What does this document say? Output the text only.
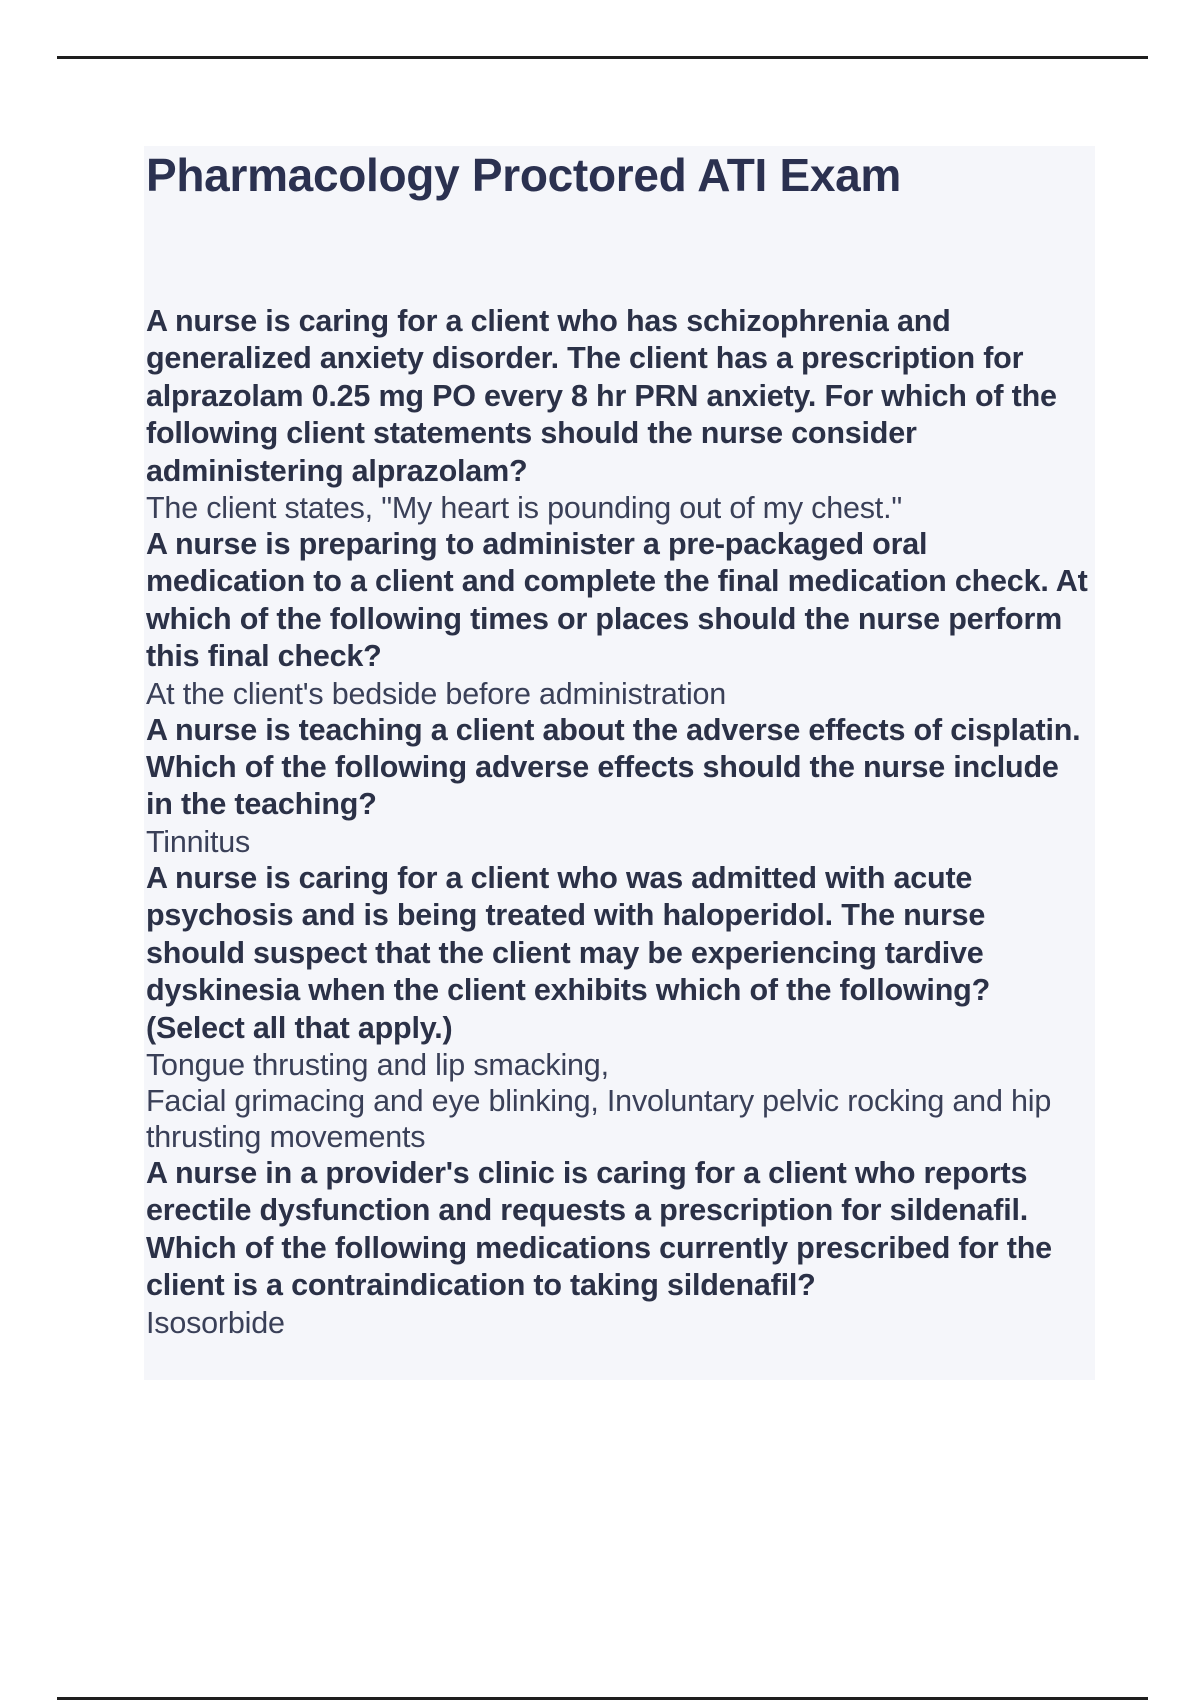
Pharmacology Proctored ATI Exam

A nurse is caring for a client who has schizophrenia and generalized anxiety disorder. The client has a prescription for alprazolam 0.25 mg PO every 8 hr PRN anxiety. For which of the following client statements should the nurse consider administering alprazolam?

The client states, "My heart is pounding out of my chest."

A nurse is preparing to administer a pre-packaged oral medication to a client and complete the final medication check. At which of the following times or places should the nurse perform this final check?

At the client's bedside before administration

A nurse is teaching a client about the adverse effects of cisplatin. Which of the following adverse effects should the nurse include in the teaching?

Tinnitus

A nurse is caring for a client who was admitted with acute psychosis and is being treated with haloperidol. The nurse should suspect that the client may be experiencing tardive dyskinesia when the client exhibits which of the following? (Select all that apply.)

Tongue thrusting and lip smacking,

Facial grimacing and eye blinking, Involuntary pelvic rocking and hip thrusting movements

A nurse in a provider's clinic is caring for a client who reports erectile dysfunction and requests a prescription for sildenafil. Which of the following medications currently prescribed for the client is a contraindication to taking sildenafil?

Isosorbide
